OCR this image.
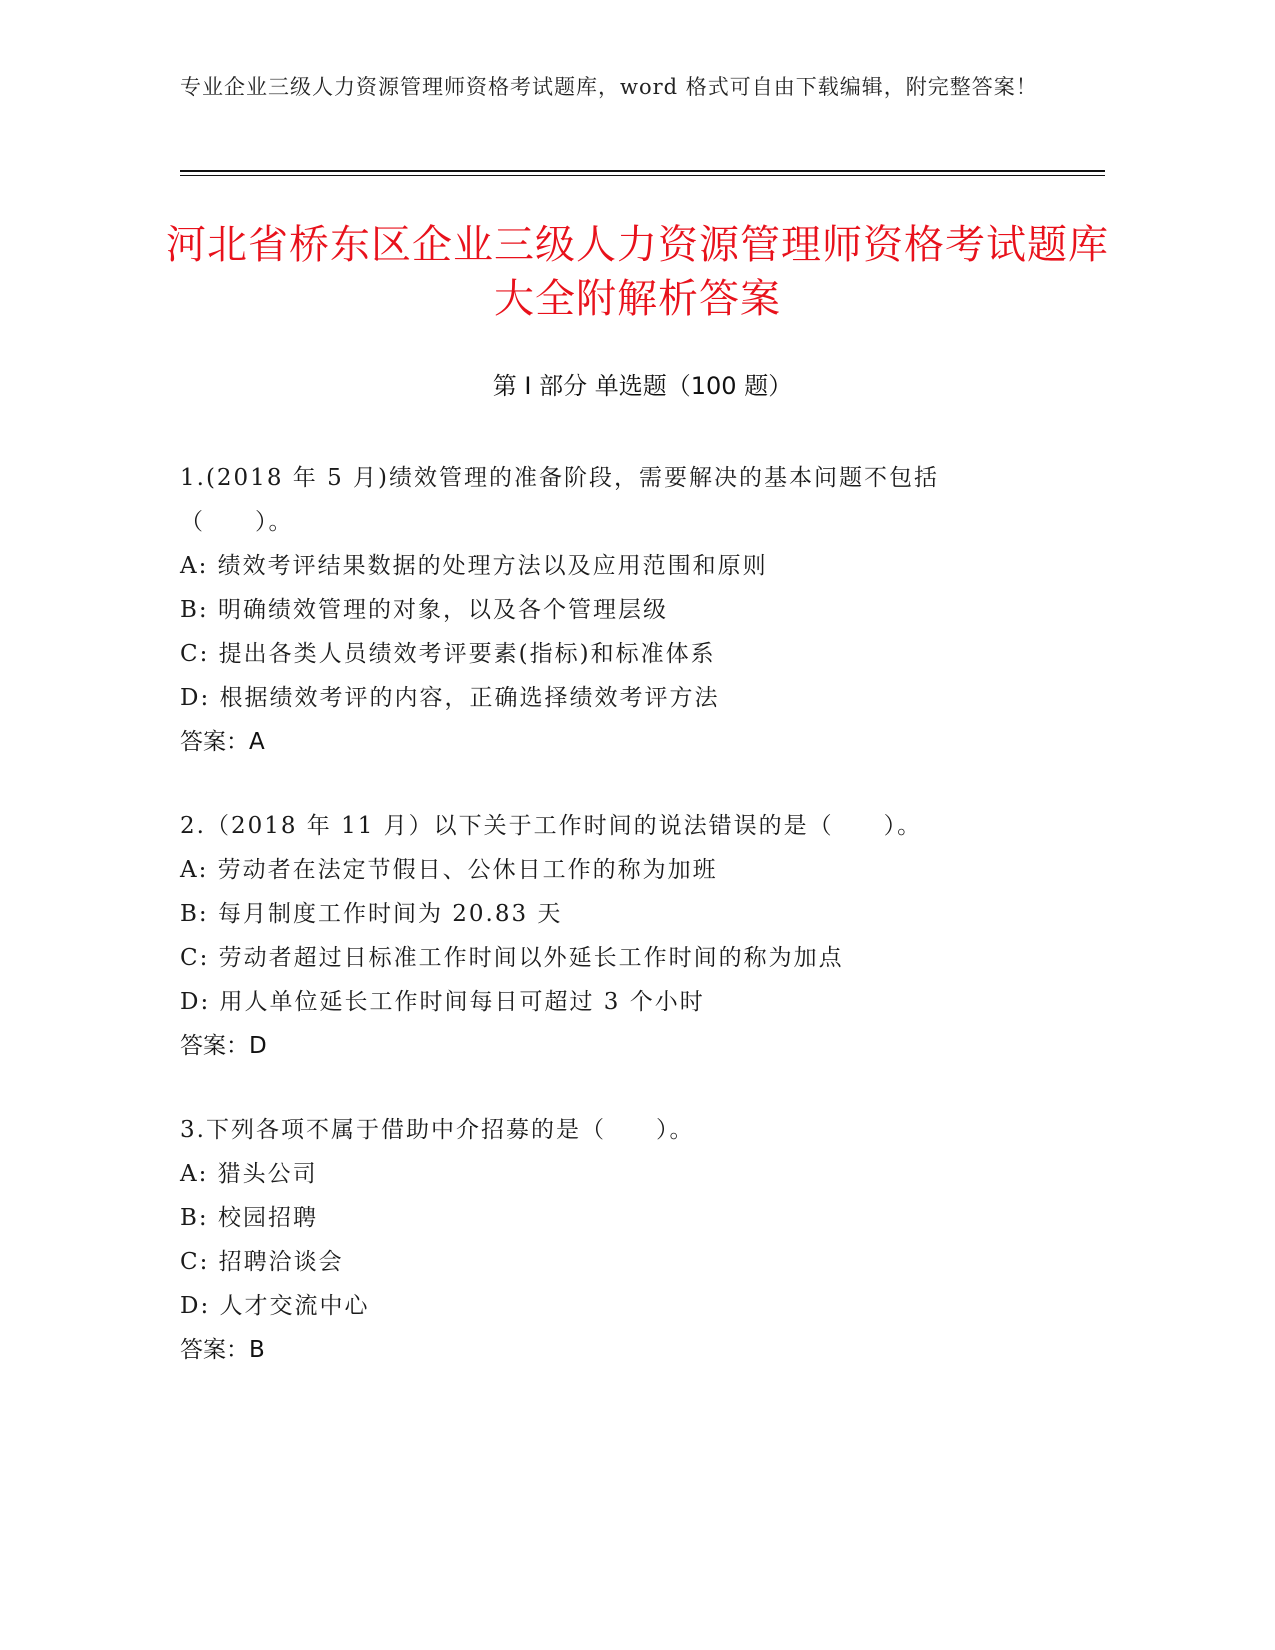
专业企业三级人力资源管理师资格考试题库，word 格式可自由下载编辑，附完整答案！
河北省桥东区企业三级人力资源管理师资格考试题库大全附解析答案
第 I 部分 单选题（100 题）

1.(2018 年 5 月)绩效管理的准备阶段，需要解决的基本问题不包括（　　）。

A: 绩效考评结果数据的处理方法以及应用范围和原则

B: 明确绩效管理的对象，以及各个管理层级

C: 提出各类人员绩效考评要素(指标)和标准体系

D: 根据绩效考评的内容，正确选择绩效考评方法

答案：A

2.（2018 年 11 月）以下关于工作时间的说法错误的是（　　）。

A: 劳动者在法定节假日、公休日工作的称为加班

B: 每月制度工作时间为 20.83 天

C: 劳动者超过日标准工作时间以外延长工作时间的称为加点

D: 用人单位延长工作时间每日可超过 3 个小时

答案：D

3.下列各项不属于借助中介招募的是（　　）。

A: 猎头公司

B: 校园招聘

C: 招聘洽谈会

D: 人才交流中心

答案：B
